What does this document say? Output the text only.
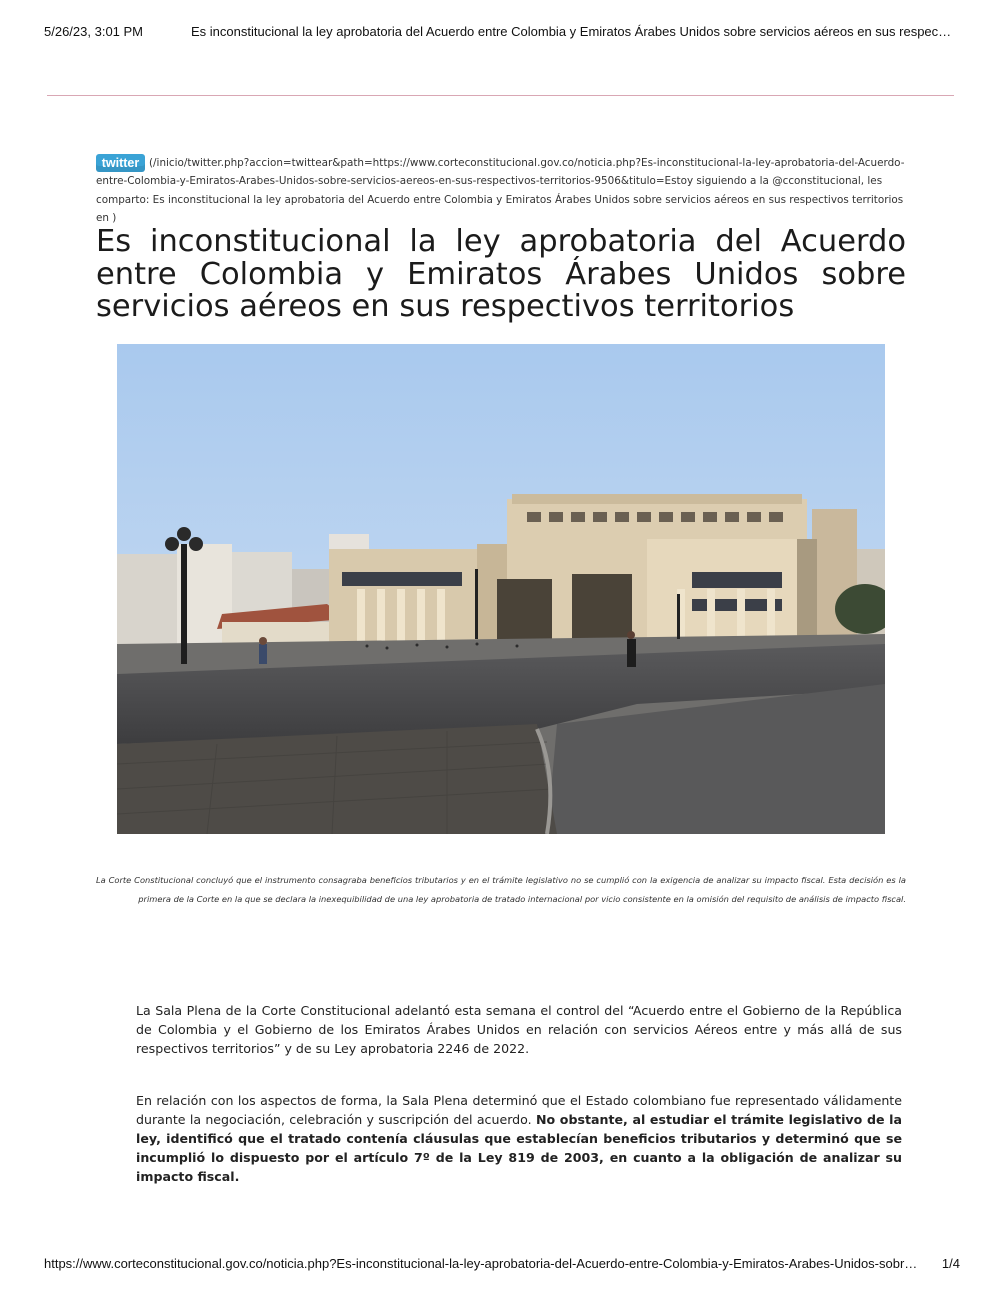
5/26/23, 3:01 PM	Es inconstitucional la ley aprobatoria del Acuerdo entre Colombia y Emiratos Árabes Unidos sobre servicios aéreos en sus respec…
twitter (/inicio/twitter.php?accion=twittear&path=https://www.corteconstitucional.gov.co/noticia.php?Es-inconstitucional-la-ley-aprobatoria-del-Acuerdo-entre-Colombia-y-Emiratos-Arabes-Unidos-sobre-servicios-aereos-en-sus-respectivos-territorios-9506&titulo=Estoy siguiendo a la @cconstitucional, les comparto: Es inconstitucional la ley aprobatoria del Acuerdo entre Colombia y Emiratos Árabes Unidos sobre servicios aéreos en sus respectivos territorios en )
Es inconstitucional la ley aprobatoria del Acuerdo entre Colombia y Emiratos Árabes Unidos sobre servicios aéreos en sus respectivos territorios
La Corte Constitucional concluyó que el instrumento consagraba beneficios tributarios y en el trámite legislativo no se cumplió con la exigencia de analizar su impacto fiscal. Esta decisión es la primera de la Corte en la que se declara la inexequibilidad de una ley aprobatoria de tratado internacional por vicio consistente en la omisión del requisito de análisis de impacto fiscal.

La Sala Plena de la Corte Constitucional adelantó esta semana el control del “Acuerdo entre el Gobierno de la República de Colombia y el Gobierno de los Emiratos Árabes Unidos en relación con servicios Aéreos entre y más allá de sus respectivos territorios” y de su Ley aprobatoria 2246 de 2022.

En relación con los aspectos de forma, la Sala Plena determinó que el Estado colombiano fue representado válidamente durante la negociación, celebración y suscripción del acuerdo. No obstante, al estudiar el trámite legislativo de la ley, identificó que el tratado contenía cláusulas que establecían beneficios tributarios y determinó que se incumplió lo dispuesto por el artículo 7º de la Ley 819 de 2003, en cuanto a la obligación de analizar su impacto fiscal.

https://www.corteconstitucional.gov.co/noticia.php?Es-inconstitucional-la-ley-aprobatoria-del-Acuerdo-entre-Colombia-y-Emiratos-Arabes-Unidos-sobr…	1/4
